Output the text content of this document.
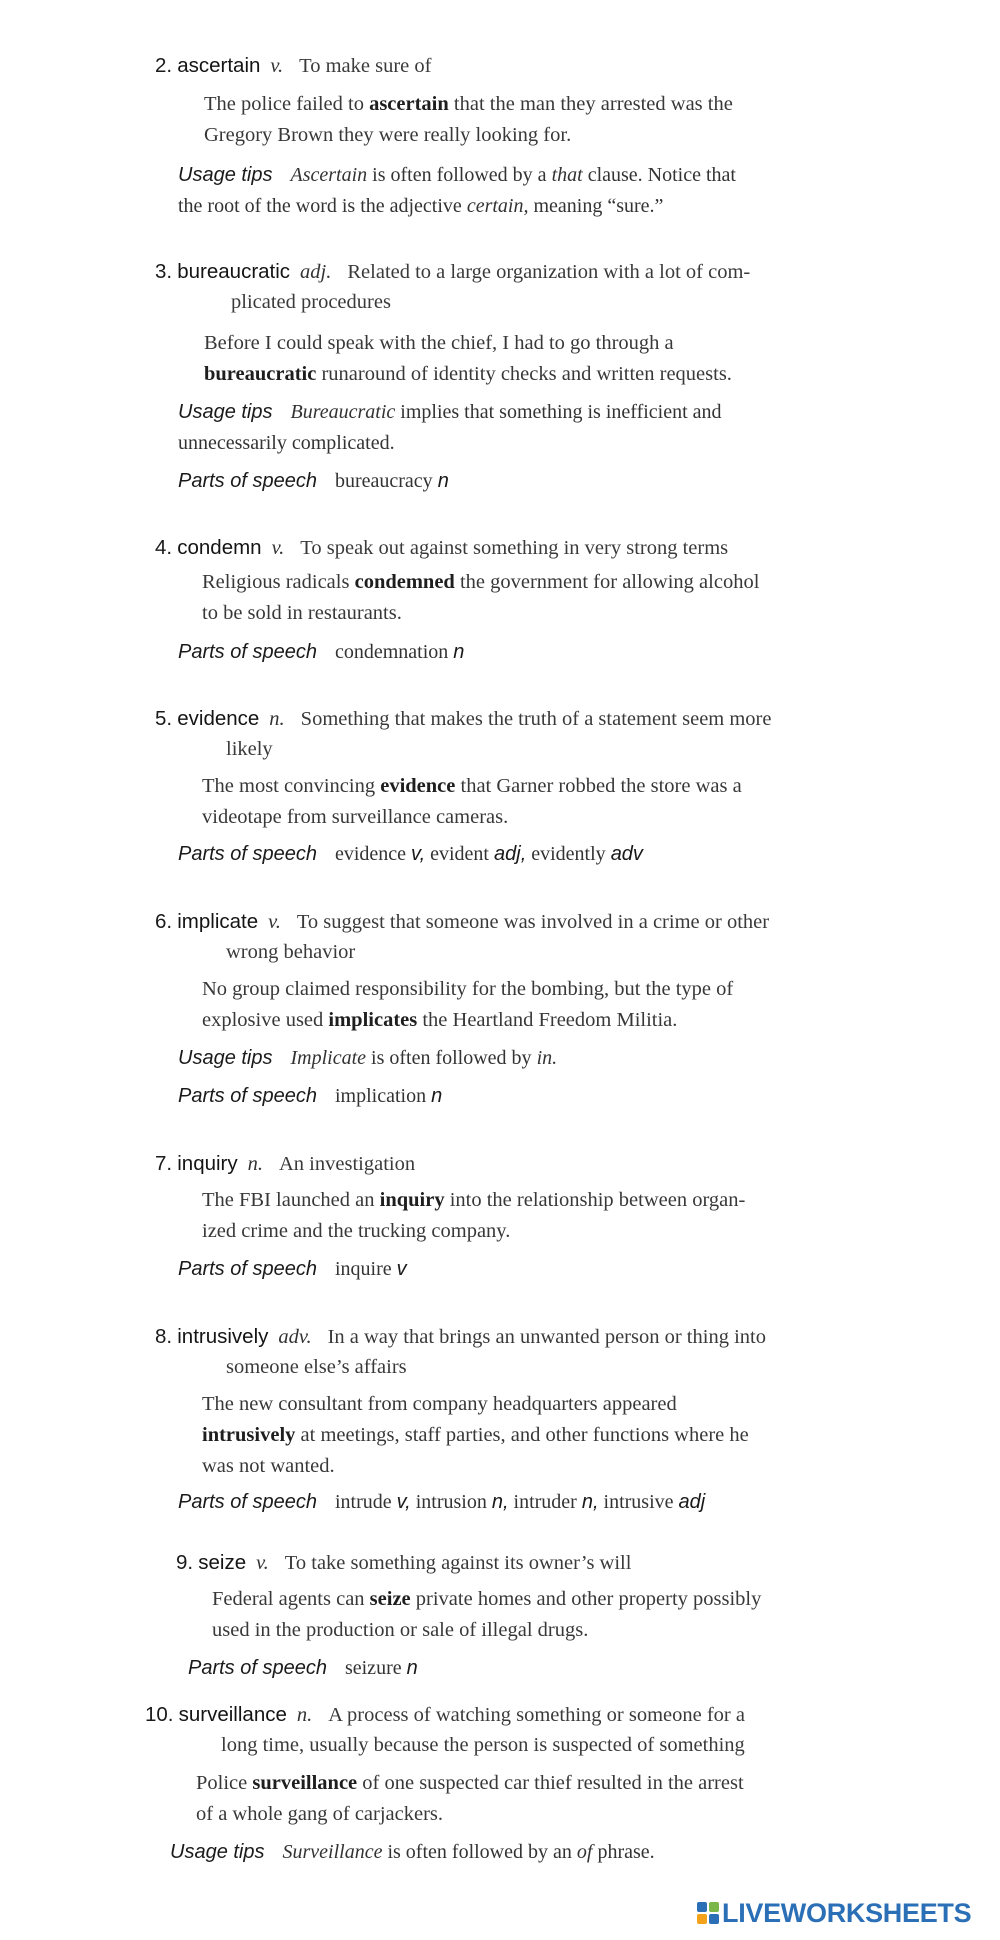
2. ascertain v. To make sure of
The police failed to ascertain that the man they arrested was the
Gregory Brown they were really looking for.
Usage tips Ascertain is often followed by a that clause. Notice that
the root of the word is the adjective certain, meaning “sure.”
3. bureaucratic adj. Related to a large organization with a lot of com-
plicated procedures
Before I could speak with the chief, I had to go through a
bureaucratic runaround of identity checks and written requests.
Usage tips Bureaucratic implies that something is inefficient and
unnecessarily complicated.
Parts of speech bureaucracy n
4. condemn v. To speak out against something in very strong terms
Religious radicals condemned the government for allowing alcohol
to be sold in restaurants.
Parts of speech condemnation n
5. evidence n. Something that makes the truth of a statement seem more
likely
The most convincing evidence that Garner robbed the store was a
videotape from surveillance cameras.
Parts of speech evidence v, evident adj, evidently adv
6. implicate v. To suggest that someone was involved in a crime or other
wrong behavior
No group claimed responsibility for the bombing, but the type of
explosive used implicates the Heartland Freedom Militia.
Usage tips Implicate is often followed by in.
Parts of speech implication n
7. inquiry n. An investigation
The FBI launched an inquiry into the relationship between organ-
ized crime and the trucking company.
Parts of speech inquire v
8. intrusively adv. In a way that brings an unwanted person or thing into
someone else’s affairs
The new consultant from company headquarters appeared
intrusively at meetings, staff parties, and other functions where he
was not wanted.
Parts of speech intrude v, intrusion n, intruder n, intrusive adj
9. seize v. To take something against its owner’s will
Federal agents can seize private homes and other property possibly
used in the production or sale of illegal drugs.
Parts of speech seizure n
10. surveillance n. A process of watching something or someone for a
long time, usually because the person is suspected of something
Police surveillance of one suspected car thief resulted in the arrest
of a whole gang of carjackers.
Usage tips Surveillance is often followed by an of phrase.
LIVEWORKSHEETS
